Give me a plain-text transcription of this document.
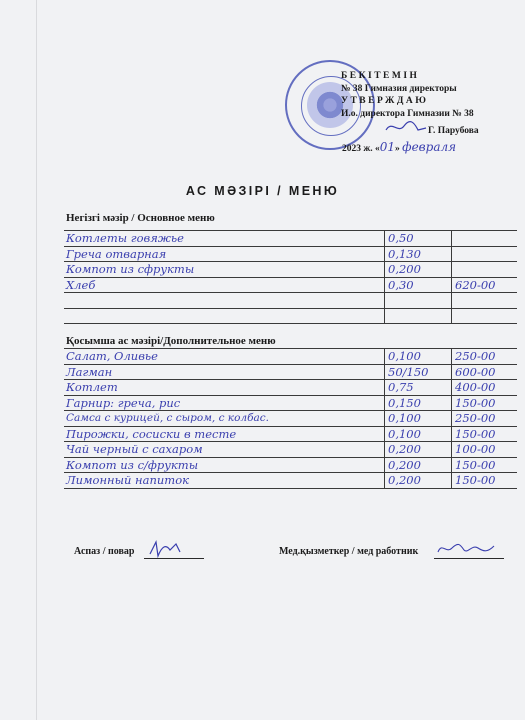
БЕКІТЕМІН
№ 38 Гимназия директоры
УТВЕРЖДАЮ
И.о. директора Гимназии № 38
Г. Парубова
2023 ж. «01» февраля
АС МӘЗІРІ / МЕНЮ
Негізгі мәзір / Основное меню
Котлеты говяжье	0,50
Греча отварная	0,130
Компот из сфрукты	0,200
Хлеб	0,30	620-00
Қосымша ас мәзірі/Дополнительное меню
Салат, Оливье	0,100	250-00
Лагман	50/150 600-00
Котлет	0,75	400-00
Гарнир: греча, рис	0,150	150-00
Самса с курицей, с сыром, с колбас.	0,100	250-00
Пирожки, сосиски в тесте	0,100	150-00
Чай черный с сахаром	0,200	100-00
Компот из с/фрукты	0,200	150-00
Лимонный напиток	0,200	150-00
Аспаз / повар	Мед.қызметкер / мед работник
